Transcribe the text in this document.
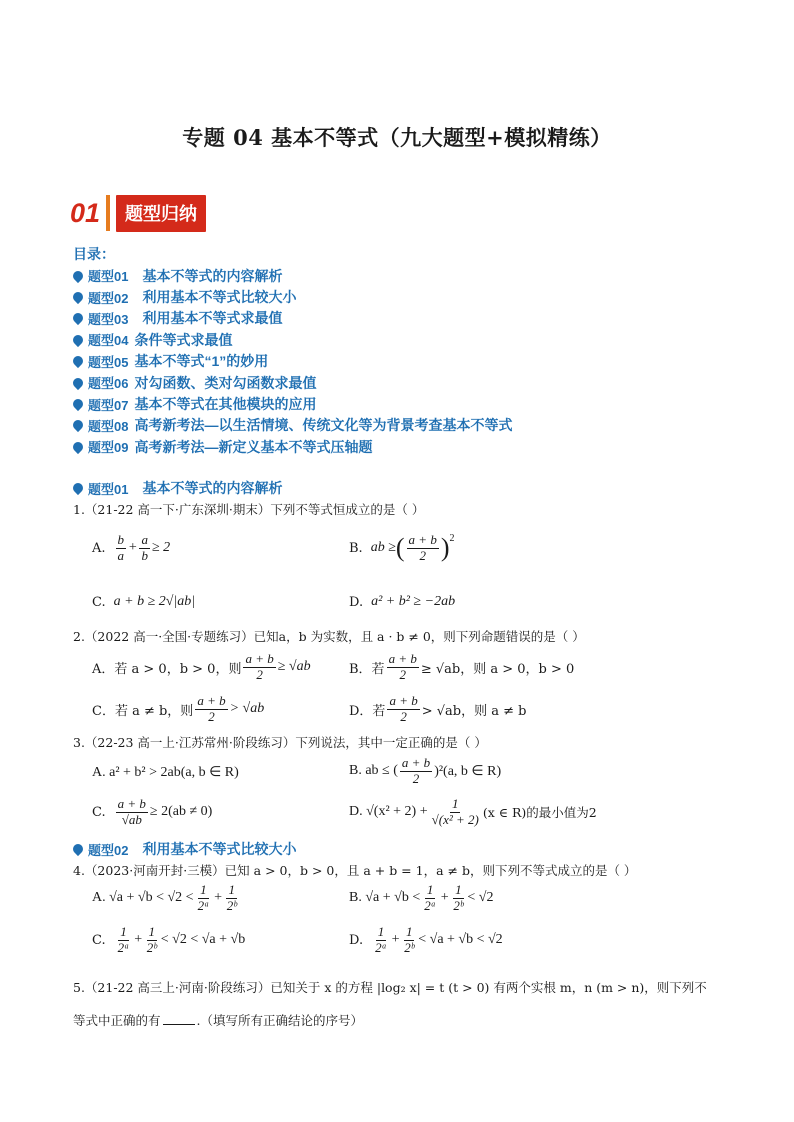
专题 04 基本不等式（九大题型+模拟精练）
01	题型归纳
目录：
题型01 基本不等式的内容解析
题型02 利用基本不等式比较大小
题型03 利用基本不等式求最值
题型04 条件等式求最值
题型05 基本不等式“1”的妙用
题型06 对勾函数、类对勾函数求最值
题型07 基本不等式在其他模块的应用
题型08 高考新考法—以生活情境、传统文化等为背景考查基本不等式
题型09 高考新考法—新定义基本不等式压轴题
题型01 基本不等式的内容解析
1.（21-22 高一下·广东深圳·期末）下列不等式恒成立的是（ ）
A. $\frac{b}{a} + \frac{a}{b} \ge 2$	B. ab ≥ ( $\frac{a + b}{2}$ ) 2
C. a + b ≥ 2√|ab|	D. a² + b² ≥ −2ab
2.（2022 高一·全国·专题练习）已知a，b 为实数，且 a · b ≠ 0，则下列命题错误的是（ ）
A．若 a > 0，b > 0，则 $\frac{a + b}{2} \ge √ab$	B．若 $\frac{a + b}{2} \ge √ab$，则 a > 0，b > 0
C．若 a ≠ b，则 $\frac{a + b}{2} > √ab$	D．若 $\frac{a + b}{2} > √ab$，则 a ≠ b
3.（22-23 高一上·江苏常州·阶段练习）下列说法，其中一定正确的是（ ）
A. a² + b² > 2ab(a, b ∈ R)	B. ab ≤ ( $\frac{a + b}{2} )^2(a$, b ∈ R)
C. $\frac{a + b}{√ab} \ge 2(ab \ne 0)$	D. $√(x^2 + 2) + \frac{1}{\text{√(x² + 2)}} (x$ ∈ R)的最小值为2
题型02 利用基本不等式比较大小
4.（2023·河南开封·三模）已知 a > 0，b > 0，且 a + b = 1，a ≠ b，则下列不等式成立的是（ ）
A. $√a + √b < √2 < \frac{1}{\text{2ᵃ}} + \frac{1}{\text{2ᵇ}}$	B. $√a + √b < \frac{1}{\text{2ᵃ}} + \frac{1}{\text{2ᵇ}} < √2$
C. $\frac{1}{\text{2ᵃ}} + \frac{1}{\text{2ᵇ}} < √2 < √a + √b$	D. $\frac{1}{\text{2ᵃ}} + \frac{1}{\text{2ᵇ}} < √a + √b < √2$
5.（21-22 高三上·河南·阶段练习）已知关于 x 的方程 |log₂ x| = t (t > 0) 有两个实根 m，n (m > n)，则下列不
等式中正确的有	.（填写所有正确结论的序号）
